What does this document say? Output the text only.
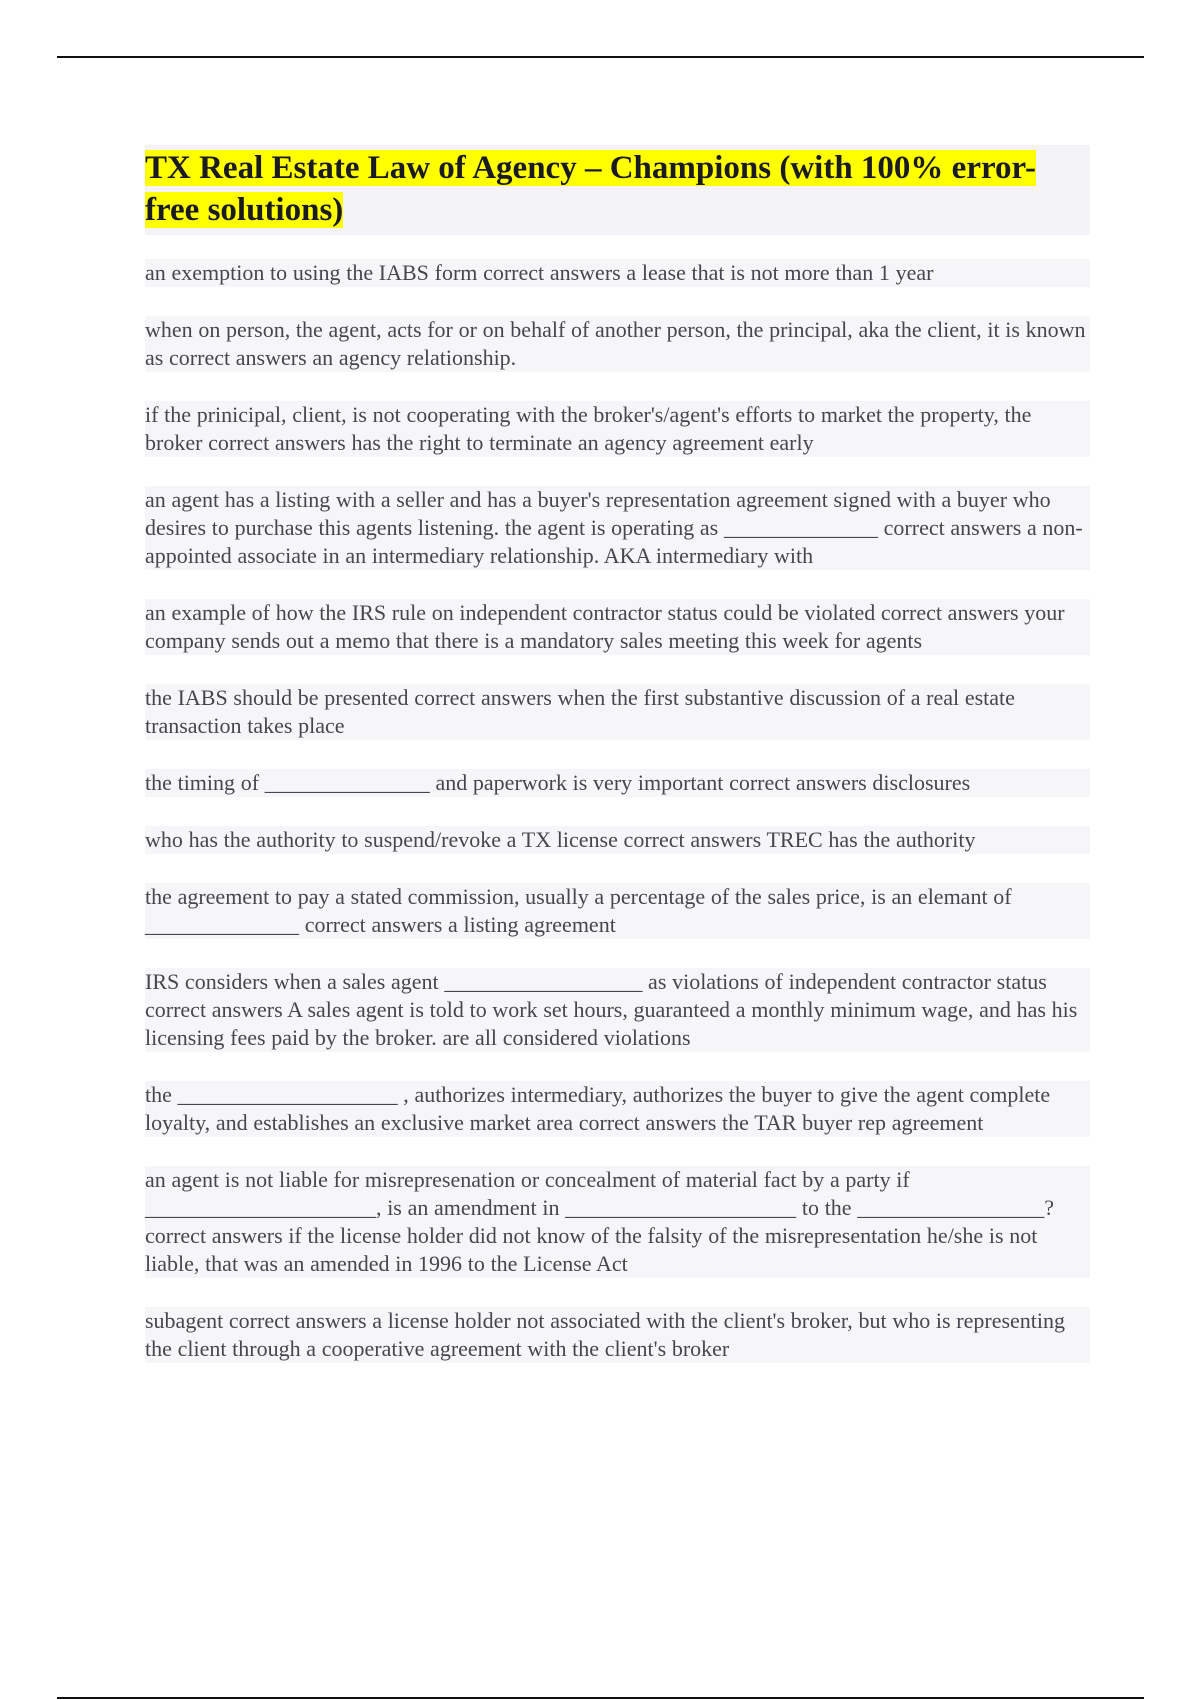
TX Real Estate Law of Agency – Champions (with 100% error-free solutions)

an exemption to using the IABS form correct answers a lease that is not more than 1 year

when on person, the agent, acts for or on behalf of another person, the principal, aka the client, it is known as correct answers an agency relationship.

if the prinicipal, client, is not cooperating with the broker's/agent's efforts to market the property, the broker correct answers has the right to terminate an agency agreement early

an agent has a listing with a seller and has a buyer's representation agreement signed with a buyer who desires to purchase this agents listening. the agent is operating as ______________ correct answers a non-appointed associate in an intermediary relationship. AKA intermediary with

an example of how the IRS rule on independent contractor status could be violated correct answers your company sends out a memo that there is a mandatory sales meeting this week for agents

the IABS should be presented correct answers when the first substantive discussion of a real estate transaction takes place

the timing of _______________ and paperwork is very important correct answers disclosures

who has the authority to suspend/revoke a TX license correct answers TREC has the authority

the agreement to pay a stated commission, usually a percentage of the sales price, is an elemant of ______________ correct answers a listing agreement

IRS considers when a sales agent __________________ as violations of independent contractor status correct answers A sales agent is told to work set hours, guaranteed a monthly minimum wage, and has his licensing fees paid by the broker. are all considered violations

the ____________________ , authorizes intermediary, authorizes the buyer to give the agent complete loyalty, and establishes an exclusive market area correct answers the TAR buyer rep agreement

an agent is not liable for misrepresenation or concealment of material fact by a party if _____________________, is an amendment in _____________________ to the _________________? correct answers if the license holder did not know of the falsity of the misrepresentation he/she is not liable, that was an amended in 1996 to the License Act

subagent correct answers a license holder not associated with the client's broker, but who is representing the client through a cooperative agreement with the client's broker
